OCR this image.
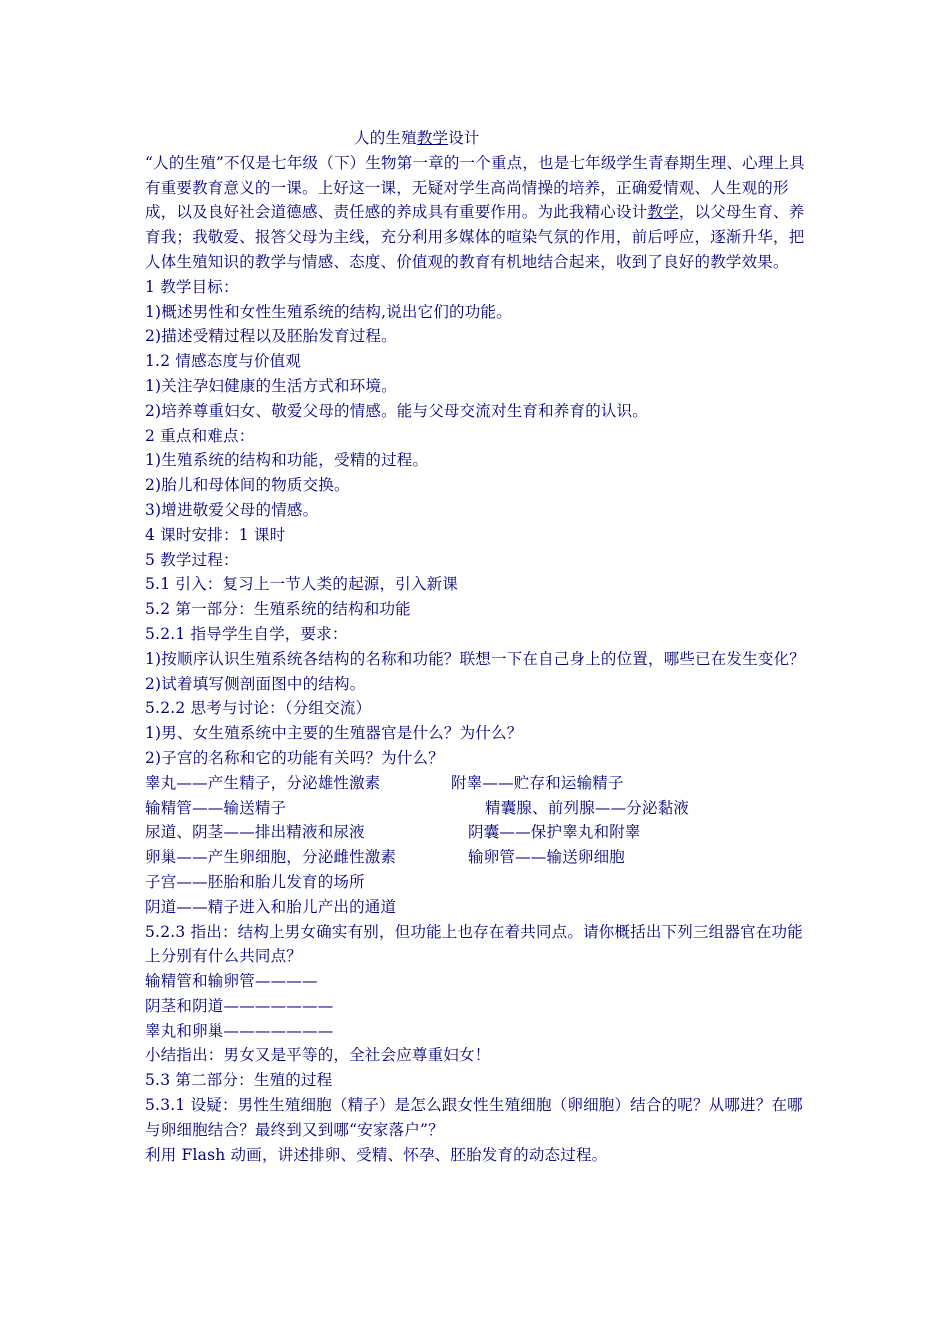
人的生殖教学设计

“人的生殖”不仅是七年级（下）生物第一章的一个重点，也是七年级学生青春期生理、心理上具有重要教育意义的一课。上好这一课，无疑对学生高尚情操的培养，正确爱情观、人生观的形成，以及良好社会道德感、责任感的养成具有重要作用。为此我精心设计教学，以父母生育、养育我；我敬爱、报答父母为主线，充分利用多媒体的喧染气氛的作用，前后呼应，逐渐升华，把人体生殖知识的教学与情感、态度、价值观的教育有机地结合起来，收到了良好的教学效果。

1 教学目标：

1)概述男性和女性生殖系统的结构,说出它们的功能。

2)描述受精过程以及胚胎发育过程。

1.2 情感态度与价值观

1)关注孕妇健康的生活方式和环境。

2)培养尊重妇女、敬爱父母的情感。能与父母交流对生育和养育的认识。

2 重点和难点：

1)生殖系统的结构和功能，受精的过程。

2)胎儿和母体间的物质交换。

3)增进敬爱父母的情感。

4 课时安排：1 课时

5 教学过程：

5.1 引入：复习上一节人类的起源，引入新课

5.2 第一部分：生殖系统的结构和功能

5.2.1 指导学生自学，要求：

1)按顺序认识生殖系统各结构的名称和功能？联想一下在自己身上的位置，哪些已在发生变化？

2)试着填写侧剖面图中的结构。

5.2.2 思考与讨论：（分组交流）

1)男、女生殖系统中主要的生殖器官是什么？为什么？

2)子宫的名称和它的功能有关吗？为什么？

睾丸——产生精子，分泌雄性激素	附睾——贮存和运输精子
输精管——输送精子	精囊腺、前列腺——分泌黏液
尿道、阴茎——排出精液和尿液	阴囊——保护睾丸和附睾
卵巢——产生卵细胞，分泌雌性激素	输卵管——输送卵细胞

子宫——胚胎和胎儿发育的场所

阴道——精子进入和胎儿产出的通道

5.2.3 指出：结构上男女确实有别，但功能上也存在着共同点。请你概括出下列三组器官在功能上分别有什么共同点？

输精管和输卵管————

阴茎和阴道———————

睾丸和卵巢———————

小结指出：男女又是平等的，全社会应尊重妇女！

5.3 第二部分：生殖的过程

5.3.1 设疑：男性生殖细胞（精子）是怎么跟女性生殖细胞（卵细胞）结合的呢？从哪进？在哪与卵细胞结合？最终到又到哪“安家落户”？

利用 Flash 动画，讲述排卵、受精、怀孕、胚胎发育的动态过程。
